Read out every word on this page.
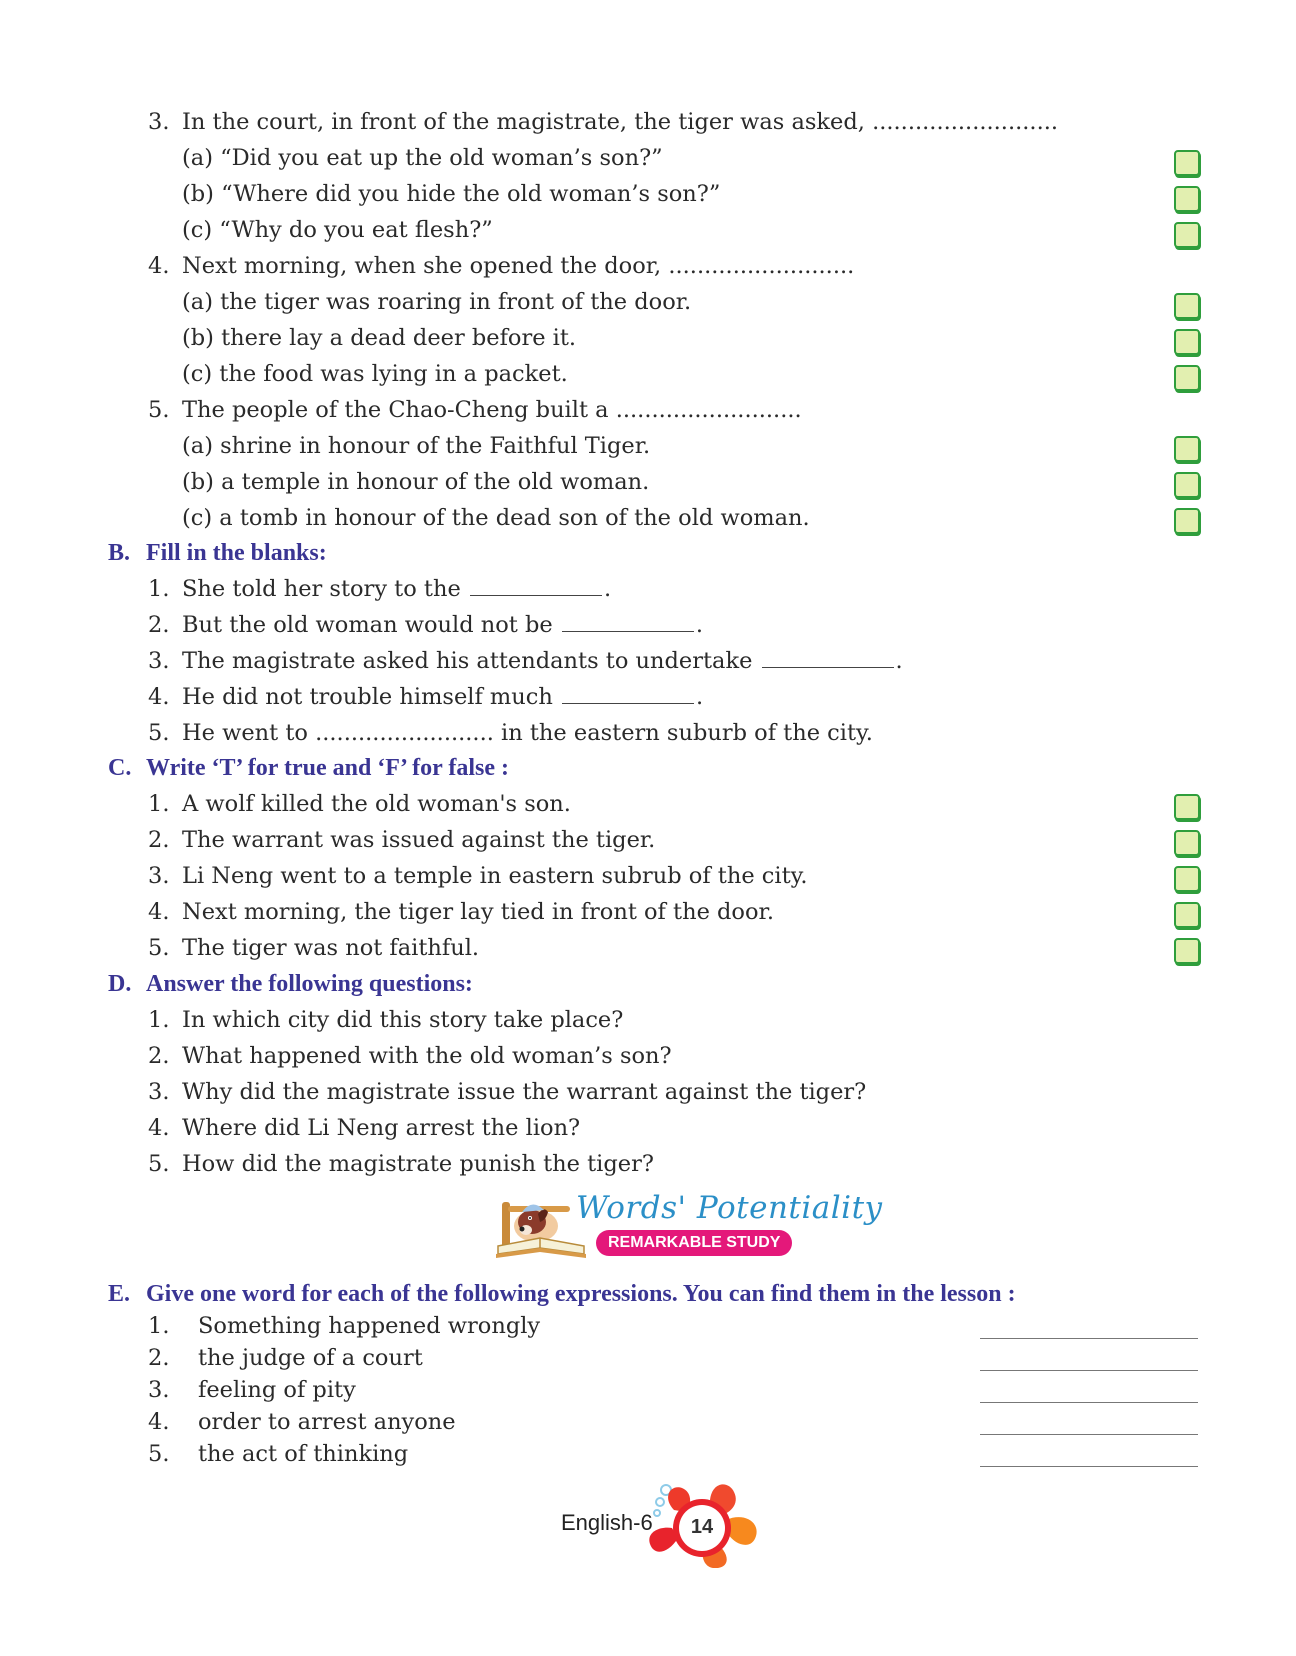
3. In the court, in front of the magistrate, the tiger was asked, ..........................
(a) “Did you eat up the old woman’s son?”
(b) “Where did you hide the old woman’s son?”
(c) “Why do you eat flesh?”
4. Next morning, when she opened the door, ..........................
(a) the tiger was roaring in front of the door.
(b) there lay a dead deer before it.
(c) the food was lying in a packet.
5. The people of the Chao-Cheng built a ..........................
(a) shrine in honour of the Faithful Tiger.
(b) a temple in honour of the old woman.
(c) a tomb in honour of the dead son of the old woman.
B. Fill in the blanks:
1. She told her story to the	.
2. But the old woman would not be	.
3. The magistrate asked his attendants to undertake	.
4. He did not trouble himself much	.
5. He went to ......................... in the eastern suburb of the city.
C. Write ‘T’ for true and ‘F’ for false :
1. A wolf killed the old woman's son.
2. The warrant was issued against the tiger.
3. Li Neng went to a temple in eastern subrub of the city.
4. Next morning, the tiger lay tied in front of the door.
5. The tiger was not faithful.
D. Answer the following questions:
1. In which city did this story take place?
2. What happened with the old woman’s son?
3. Why did the magistrate issue the warrant against the tiger?
4. Where did Li Neng arrest the lion?
5. How did the magistrate punish the tiger?
Words' Potentiality
REMARKABLE STUDY
E. Give one word for each of the following expressions. You can find them in the lesson :
1. Something happened wrongly
2. the judge of a court
3. feeling of pity
4. order to arrest anyone
5. the act of thinking
English-6	14
